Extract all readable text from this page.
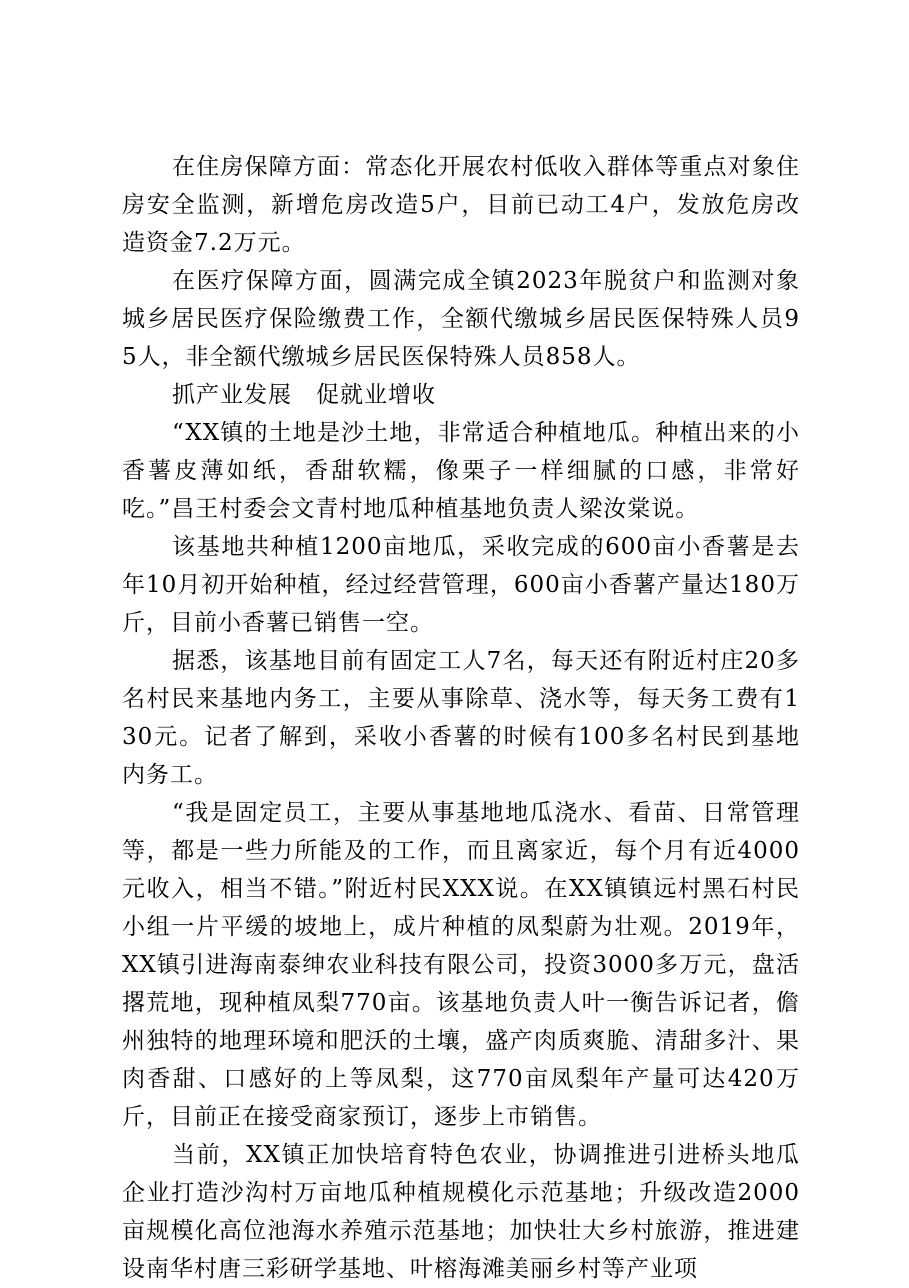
在住房保障方面：常态化开展农村低收入群体等重点对象住房安全监测，新增危房改造5户，目前已动工4户，发放危房改造资金7.2万元。

在医疗保障方面，圆满完成全镇2023年脱贫户和监测对象城乡居民医疗保险缴费工作，全额代缴城乡居民医保特殊人员95人，非全额代缴城乡居民医保特殊人员858人。

抓产业发展　促就业增收

“XX镇的土地是沙土地，非常适合种植地瓜。种植出来的小香薯皮薄如纸，香甜软糯，像栗子一样细腻的口感，非常好吃。”昌王村委会文青村地瓜种植基地负责人梁汝棠说。

该基地共种植1200亩地瓜，采收完成的600亩小香薯是去年10月初开始种植，经过经营管理，600亩小香薯产量达180万斤，目前小香薯已销售一空。

据悉，该基地目前有固定工人7名，每天还有附近村庄20多名村民来基地内务工，主要从事除草、浇水等，每天务工费有130元。记者了解到，采收小香薯的时候有100多名村民到基地内务工。

“我是固定员工，主要从事基地地瓜浇水、看苗、日常管理等，都是一些力所能及的工作，而且离家近，每个月有近4000元收入，相当不错。”附近村民XXX说。在XX镇镇远村黑石村民小组一片平缓的坡地上，成片种植的凤梨蔚为壮观。2019年，XX镇引进海南泰绅农业科技有限公司，投资3000多万元，盘活撂荒地，现种植凤梨770亩。该基地负责人叶一衡告诉记者，儋州独特的地理环境和肥沃的土壤，盛产肉质爽脆、清甜多汁、果肉香甜、口感好的上等凤梨，这770亩凤梨年产量可达420万斤，目前正在接受商家预订，逐步上市销售。

当前，XX镇正加快培育特色农业，协调推进引进桥头地瓜企业打造沙沟村万亩地瓜种植规模化示范基地；升级改造2000亩规模化高位池海水养殖示范基地；加快壮大乡村旅游，推进建设南华村唐三彩研学基地、叶榕海滩美丽乡村等产业项
